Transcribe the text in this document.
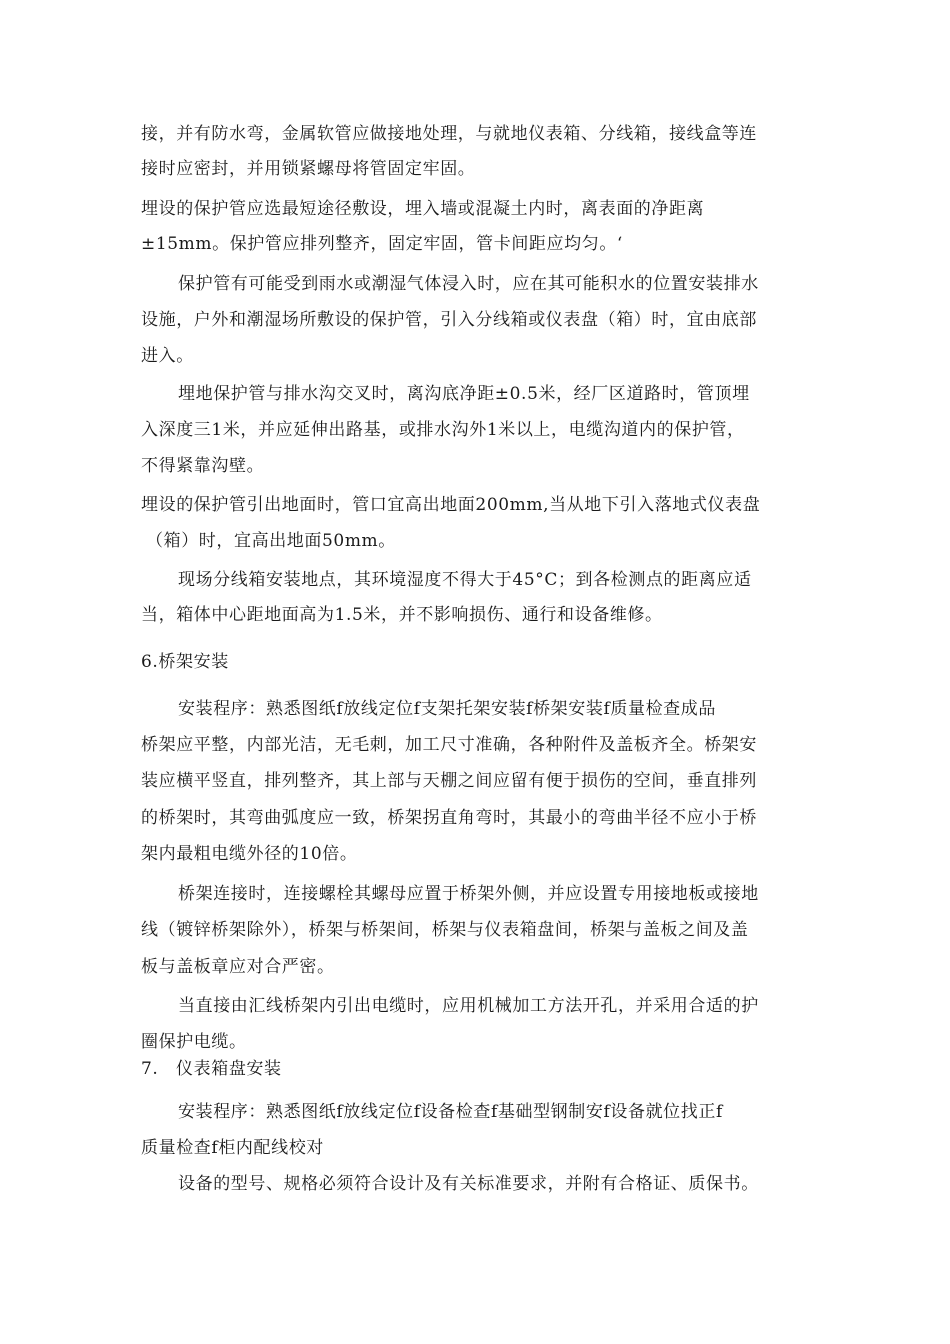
接，并有防水弯，金属软管应做接地处理，与就地仪表箱、分线箱，接线盒等连
接时应密封，并用锁紧螺母将管固定牢固。
埋设的保护管应选最短途径敷设，埋入墙或混凝土内时，离表面的净距离
±15mm。保护管应排列整齐，固定牢固，管卡间距应均匀。‘
保护管有可能受到雨水或潮湿气体浸入时，应在其可能积水的位置安装排水
设施，户外和潮湿场所敷设的保护管，引入分线箱或仪表盘（箱）时，宜由底部
进入。
埋地保护管与排水沟交叉时，离沟底净距±0.5米，经厂区道路时，管顶埋
入深度三1米，并应延伸出路基，或排水沟外1米以上，电缆沟道内的保护管，
不得紧靠沟壁。
埋设的保护管引出地面时，管口宜高出地面200mm,当从地下引入落地式仪表盘
（箱）时，宜高出地面50mm。
现场分线箱安装地点，其环境湿度不得大于45°C；到各检测点的距离应适
当，箱体中心距地面高为1.5米，并不影响损伤、通行和设备维修。
6.桥架安装
安装程序：熟悉图纸f放线定位f支架托架安装f桥架安装f质量检查成品
桥架应平整，内部光洁，无毛刺，加工尺寸准确，各种附件及盖板齐全。桥架安
装应横平竖直，排列整齐，其上部与天棚之间应留有便于损伤的空间，垂直排列
的桥架时，其弯曲弧度应一致，桥架拐直角弯时，其最小的弯曲半径不应小于桥
架内最粗电缆外径的10倍。
桥架连接时，连接螺栓其螺母应置于桥架外侧，并应设置专用接地板或接地
线（镀锌桥架除外），桥架与桥架间，桥架与仪表箱盘间，桥架与盖板之间及盖
板与盖板章应对合严密。
当直接由汇线桥架内引出电缆时，应用机械加工方法开孔，并采用合适的护
圈保护电缆。
7.　仪表箱盘安装
安装程序：熟悉图纸f放线定位f设备检查f基础型钢制安f设备就位找正f
质量检查f柜内配线校对
设备的型号、规格必须符合设计及有关标准要求，并附有合格证、质保书。
